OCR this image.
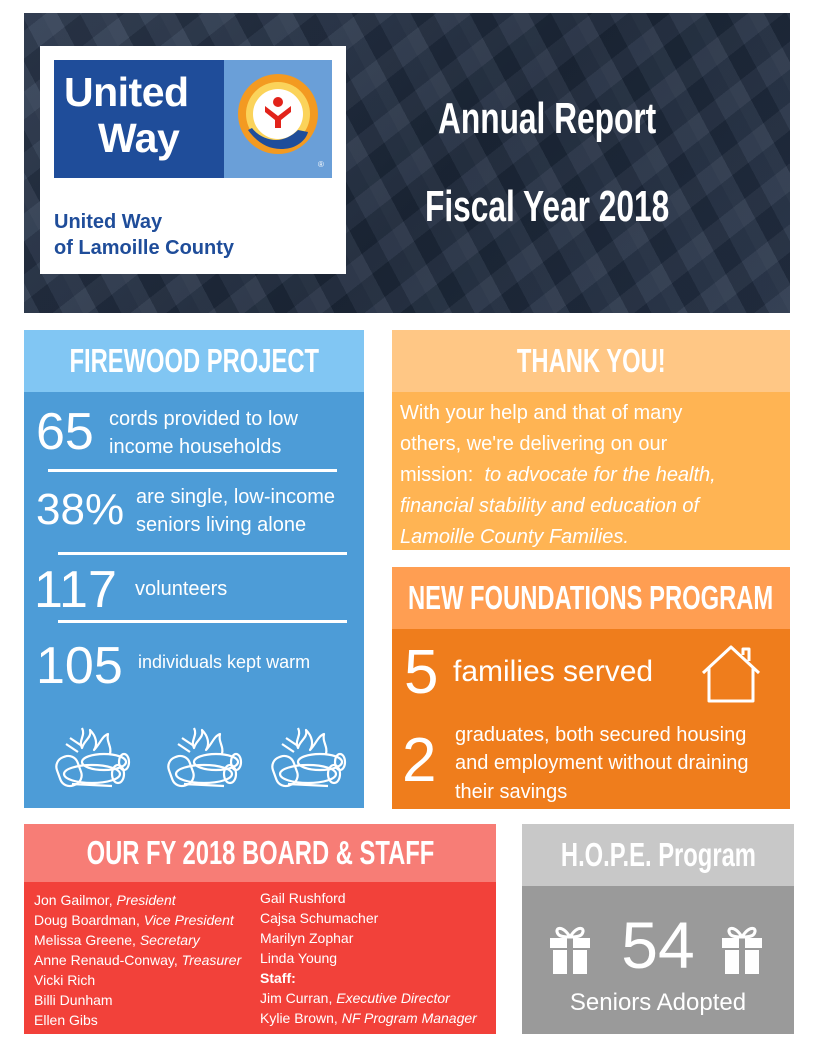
United
Way
®
United Way
of Lamoille County
Annual Report
Fiscal Year 2018
FIREWOOD PROJECT
65 cords provided to low
income households
38% are single, low-income
seniors living alone
117 volunteers
105 individuals kept warm
THANK YOU!
With your help and that of many
others, we're delivering on our
mission:  to advocate for the health,
financial stability and education of
Lamoille County Families.
NEW FOUNDATIONS PROGRAM
5 families served
2 graduates, both secured housing
and employment without draining
their savings
OUR FY 2018 BOARD & STAFF
Jon Gailmor, President
Doug Boardman, Vice President
Melissa Greene, Secretary
Anne Renaud-Conway, Treasurer
Vicki Rich
Billi Dunham
Ellen Gibs
Gail Rushford
Cajsa Schumacher
Marilyn Zophar
Linda Young
Staff:
Jim Curran, Executive Director
Kylie Brown, NF Program Manager
H.O.P.E. Program
54
Seniors Adopted
